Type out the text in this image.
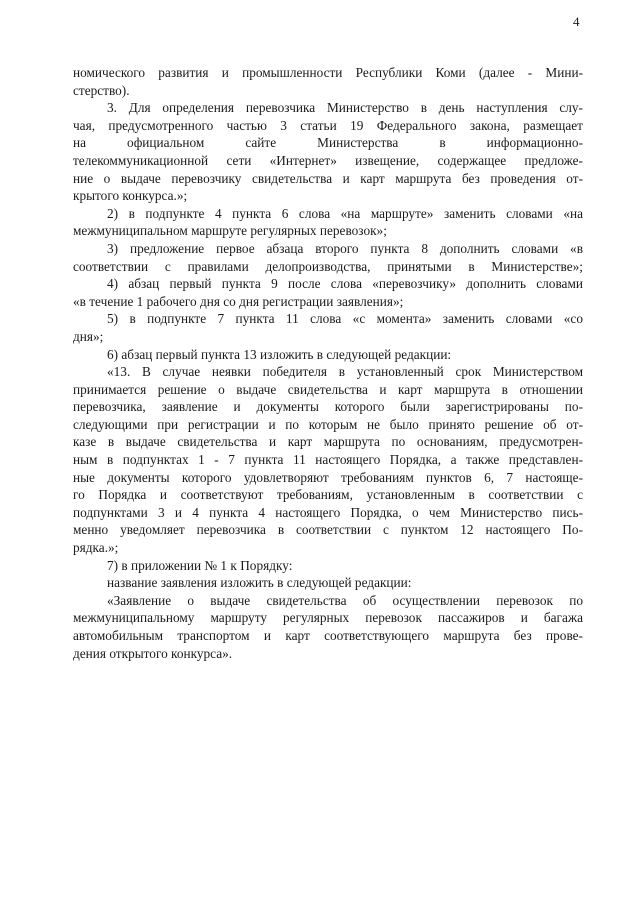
4
номического развития и промышленности Республики Коми (далее - Мини-
стерство).
3. Для определения перевозчика Министерство в день наступления слу-
чая, предусмотренного частью 3 статьи 19 Федерального закона, размещает
на официальном сайте Министерства в информационно-
телекоммуникационной сети «Интернет» извещение, содержащее предложе-
ние о выдаче перевозчику свидетельства и карт маршрута без проведения от-
крытого конкурса.»;
2) в подпункте 4 пункта 6 слова «на маршруте» заменить словами «на
межмуниципальном маршруте регулярных перевозок»;
3) предложение первое абзаца второго пункта 8 дополнить словами «в
соответствии с правилами делопроизводства, принятыми в Министерстве»;
4) абзац первый пункта 9 после слова «перевозчику» дополнить словами
«в течение 1 рабочего дня со дня регистрации заявления»;
5) в подпункте 7 пункта 11 слова «с момента» заменить словами «со
дня»;
6) абзац первый пункта 13 изложить в следующей редакции:
«13. В случае неявки победителя в установленный срок Министерством
принимается решение о выдаче свидетельства и карт маршрута в отношении
перевозчика, заявление и документы которого были зарегистрированы по-
следующими при регистрации и по которым не было принято решение об от-
казе в выдаче свидетельства и карт маршрута по основаниям, предусмотрен-
ным в подпунктах 1 - 7 пункта 11 настоящего Порядка, а также представлен-
ные документы которого удовлетворяют требованиям пунктов 6, 7 настояще-
го Порядка и соответствуют требованиям, установленным в соответствии с
подпунктами 3 и 4 пункта 4 настоящего Порядка, о чем Министерство пись-
менно уведомляет перевозчика в соответствии с пунктом 12 настоящего По-
рядка.»;
7) в приложении № 1 к Порядку:
название заявления изложить в следующей редакции:
«Заявление о выдаче свидетельства об осуществлении перевозок по
межмуниципальному маршруту регулярных перевозок пассажиров и багажа
автомобильным транспортом и карт соответствующего маршрута без прове-
дения открытого конкурса».
